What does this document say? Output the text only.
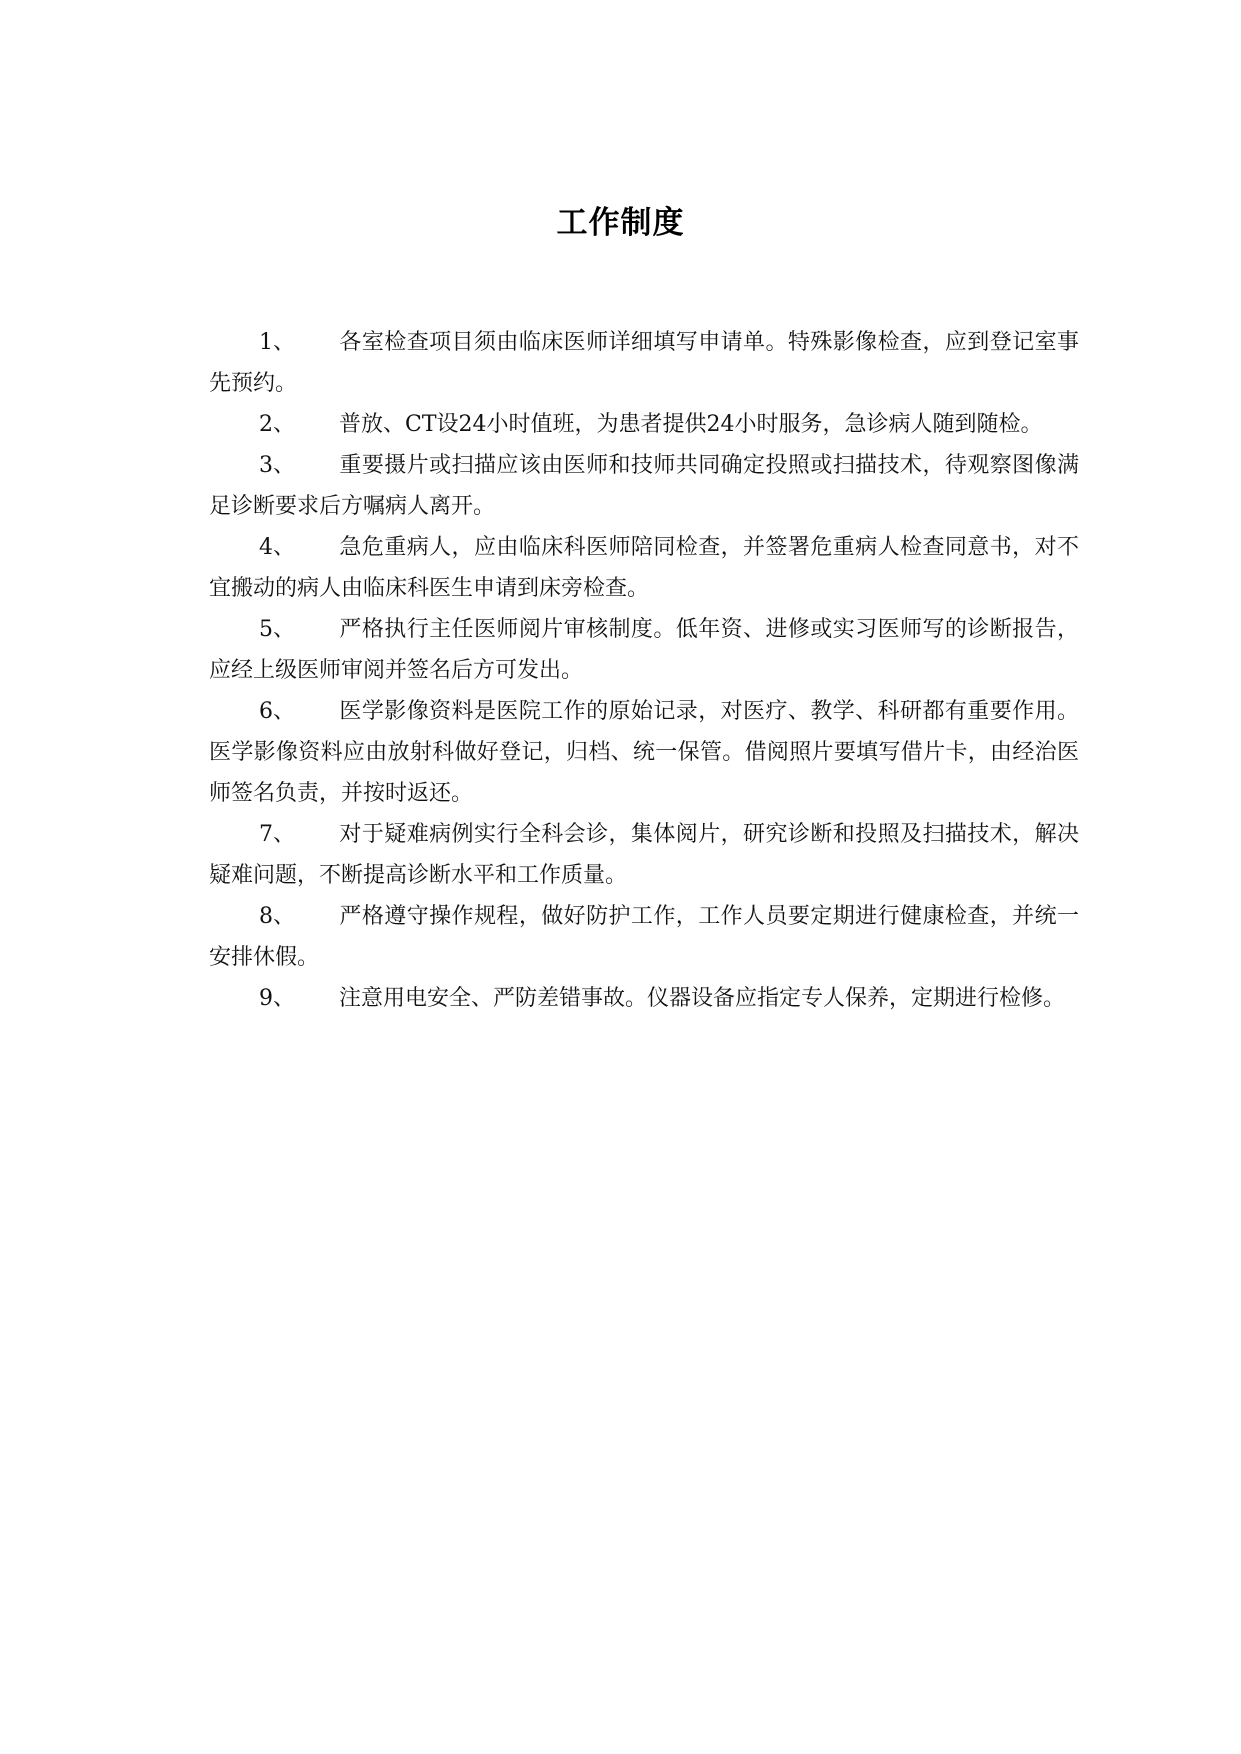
工作制度
1、 各室检查项目须由临床医师详细填写申请单。特殊影像检查，应到登记室事先预约。
2、 普放、CT设24小时值班，为患者提供24小时服务，急诊病人随到随检。
3、 重要摄片或扫描应该由医师和技师共同确定投照或扫描技术，待观察图像满足诊断要求后方嘱病人离开。
4、 急危重病人，应由临床科医师陪同检查，并签署危重病人检查同意书，对不宜搬动的病人由临床科医生申请到床旁检查。
5、 严格执行主任医师阅片审核制度。低年资、进修或实习医师写的诊断报告，应经上级医师审阅并签名后方可发出。
6、 医学影像资料是医院工作的原始记录，对医疗、教学、科研都有重要作用。医学影像资料应由放射科做好登记，归档、统一保管。借阅照片要填写借片卡，由经治医师签名负责，并按时返还。
7、 对于疑难病例实行全科会诊，集体阅片，研究诊断和投照及扫描技术，解决疑难问题，不断提高诊断水平和工作质量。
8、 严格遵守操作规程，做好防护工作，工作人员要定期进行健康检查，并统一安排休假。
9、 注意用电安全、严防差错事故。仪器设备应指定专人保养，定期进行检修。
